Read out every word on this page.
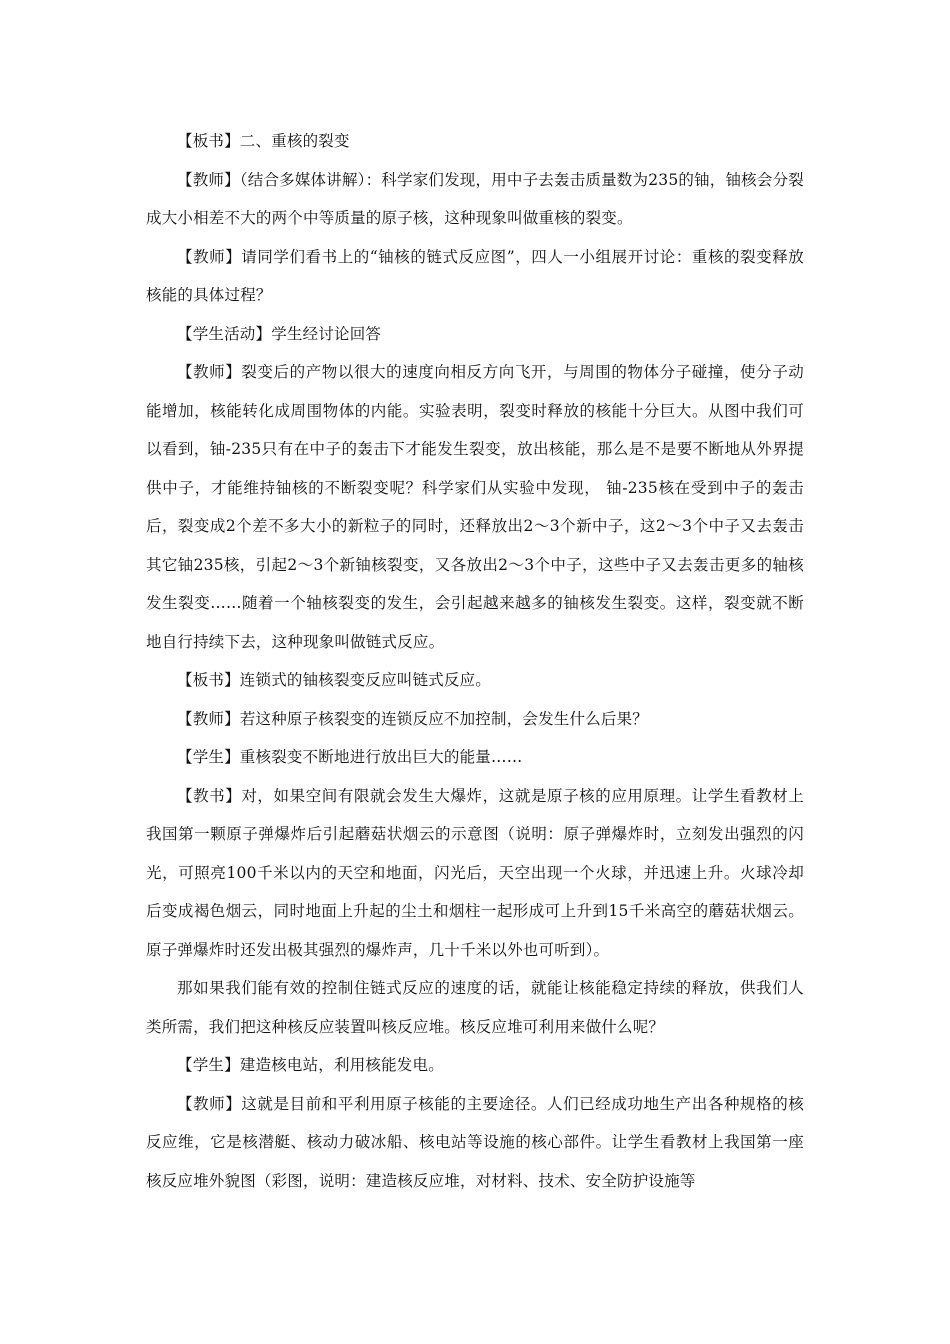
【板书】二、重核的裂变

【教师】（结合多媒体讲解）：科学家们发现，用中子去轰击质量数为235的铀，铀核会分裂成大小相差不大的两个中等质量的原子核，这种现象叫做重核的裂变。

【教师】请同学们看书上的“铀核的链式反应图”，四人一小组展开讨论：重核的裂变释放核能的具体过程？

【学生活动】学生经讨论回答

【教师】裂变后的产物以很大的速度向相反方向飞开，与周围的物体分子碰撞，使分子动能增加，核能转化成周围物体的内能。实验表明，裂变时释放的核能十分巨大。从图中我们可以看到，铀-235只有在中子的轰击下才能发生裂变，放出核能，那么是不是要不断地从外界提供中子，才能维持铀核的不断裂变呢？科学家们从实验中发现， 铀-235核在受到中子的轰击后，裂变成2个差不多大小的新粒子的同时，还释放出2～3个新中子，这2～3个中子又去轰击其它铀235核，引起2～3个新铀核裂变，又各放出2～3个中子，这些中子又去轰击更多的轴核发生裂变……随着一个轴核裂变的发生，会引起越来越多的铀核发生裂变。这样，裂变就不断地自行持续下去，这种现象叫做链式反应。

【板书】连锁式的铀核裂变反应叫链式反应。

【教师】若这种原子核裂变的连锁反应不加控制，会发生什么后果？

【学生】重核裂变不断地进行放出巨大的能量……

【教书】对，如果空间有限就会发生大爆炸，这就是原子核的应用原理。让学生看教材上我国第一颗原子弹爆炸后引起蘑菇状烟云的示意图（说明：原子弹爆炸时，立刻发出强烈的闪光，可照亮100千米以内的天空和地面，闪光后，天空出现一个火球，并迅速上升。火球冷却后变成褐色烟云，同时地面上升起的尘土和烟柱一起形成可上升到15千米高空的蘑菇状烟云。原子弹爆炸时还发出极其强烈的爆炸声，几十千米以外也可听到）。

那如果我们能有效的控制住链式反应的速度的话，就能让核能稳定持续的释放，供我们人类所需，我们把这种核反应装置叫核反应堆。核反应堆可利用来做什么呢？

【学生】建造核电站，利用核能发电。

【教师】这就是目前和平利用原子核能的主要途径。人们已经成功地生产出各种规格的核反应维，它是核潜艇、核动力破冰船、核电站等设施的核心部件。让学生看教材上我国第一座核反应堆外貌图（彩图，说明：建造核反应堆，对材料、技术、安全防护设施等
